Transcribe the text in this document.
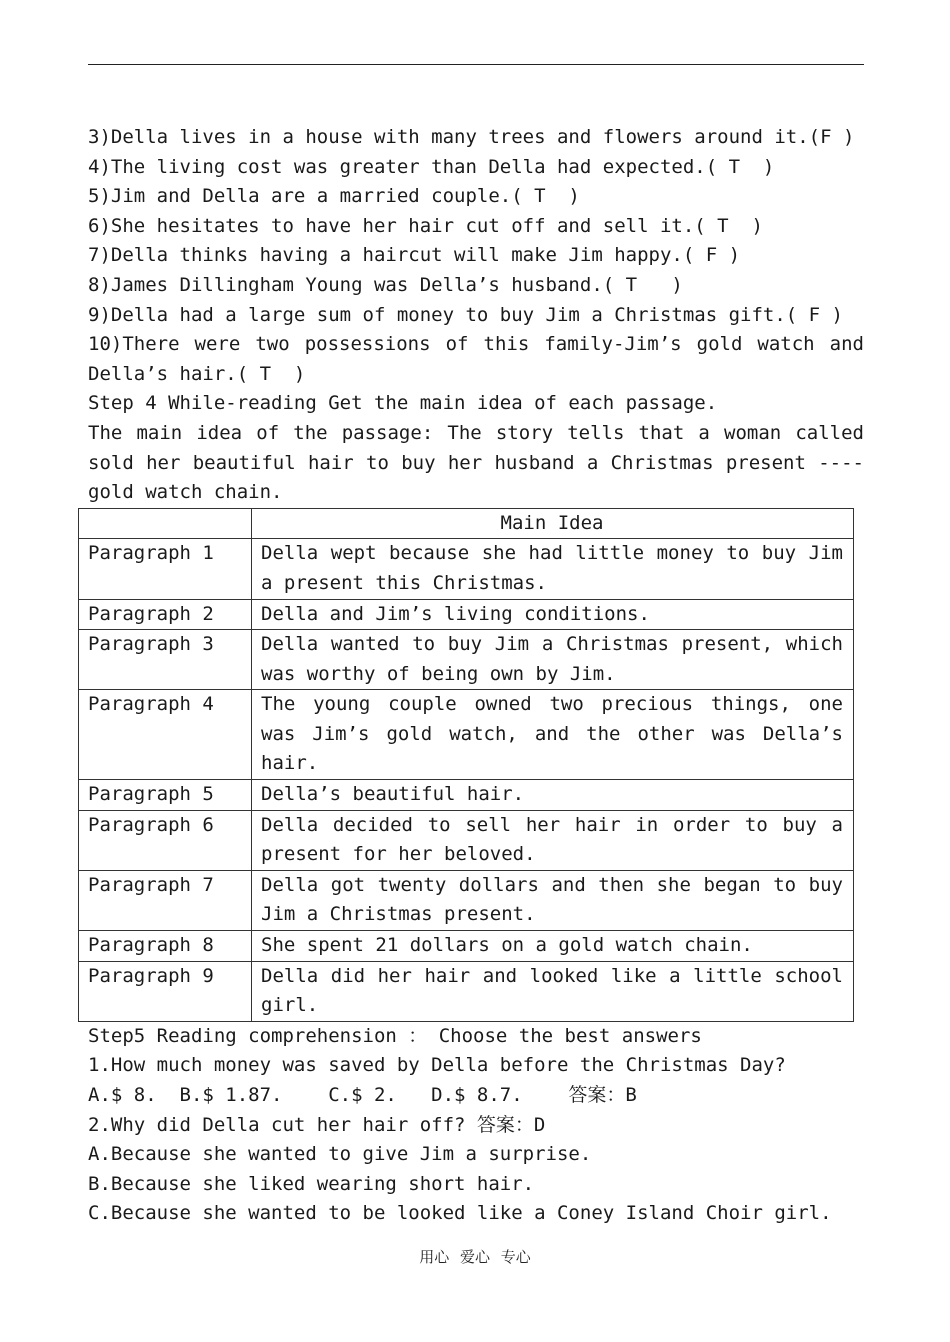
3)Della lives in a house with many trees and flowers around it.(F )
4)The living cost was greater than Della had expected.( T  )
5)Jim and Della are a married couple.( T  )
6)She hesitates to have her hair cut off and sell it.( T  )
7)Della thinks having a haircut will make Jim happy.( F )
8)James Dillingham Young was Della’s husband.( T   )
9)Della had a large sum of money to buy Jim a Christmas gift.( F )
10)There were two possessions of this family-Jim’s gold watch and
Della’s hair.( T  )
Step 4 While-reading Get the main idea of each passage.
The main idea of the passage: The story tells that a woman called
sold her beautiful hair to buy her husband a Christmas present ----
gold watch chain.
	Main Idea
Paragraph 1	Della wept because she had little money to buy Jim a present this Christmas.
Paragraph 2	Della and Jim’s living conditions.
Paragraph 3	Della wanted to buy Jim a Christmas present, which was worthy of being own by Jim.
Paragraph 4	The young couple owned two precious things, one was Jim’s gold watch, and the other was Della’s hair.
Paragraph 5	Della’s beautiful hair.
Paragraph 6	Della decided to sell her hair in order to buy a present for her beloved.
Paragraph 7	Della got twenty dollars and then she began to buy Jim a Christmas present.
Paragraph 8	She spent 21 dollars on a gold watch chain.
Paragraph 9	Della did her hair and looked like a little school girl.
Step5 Reading comprehension ： Choose the best answers
1.How much money was saved by Della before the Christmas Day?
A.$ 8.  B.$ 1.87.    C.$ 2.   D.$ 8.7.    答案：B
2.Why did Della cut her hair off? 答案：D
A.Because she wanted to give Jim a surprise.
B.Because she liked wearing short hair.
C.Because she wanted to be looked like a Coney Island Choir girl.
用心 爱心 专心
